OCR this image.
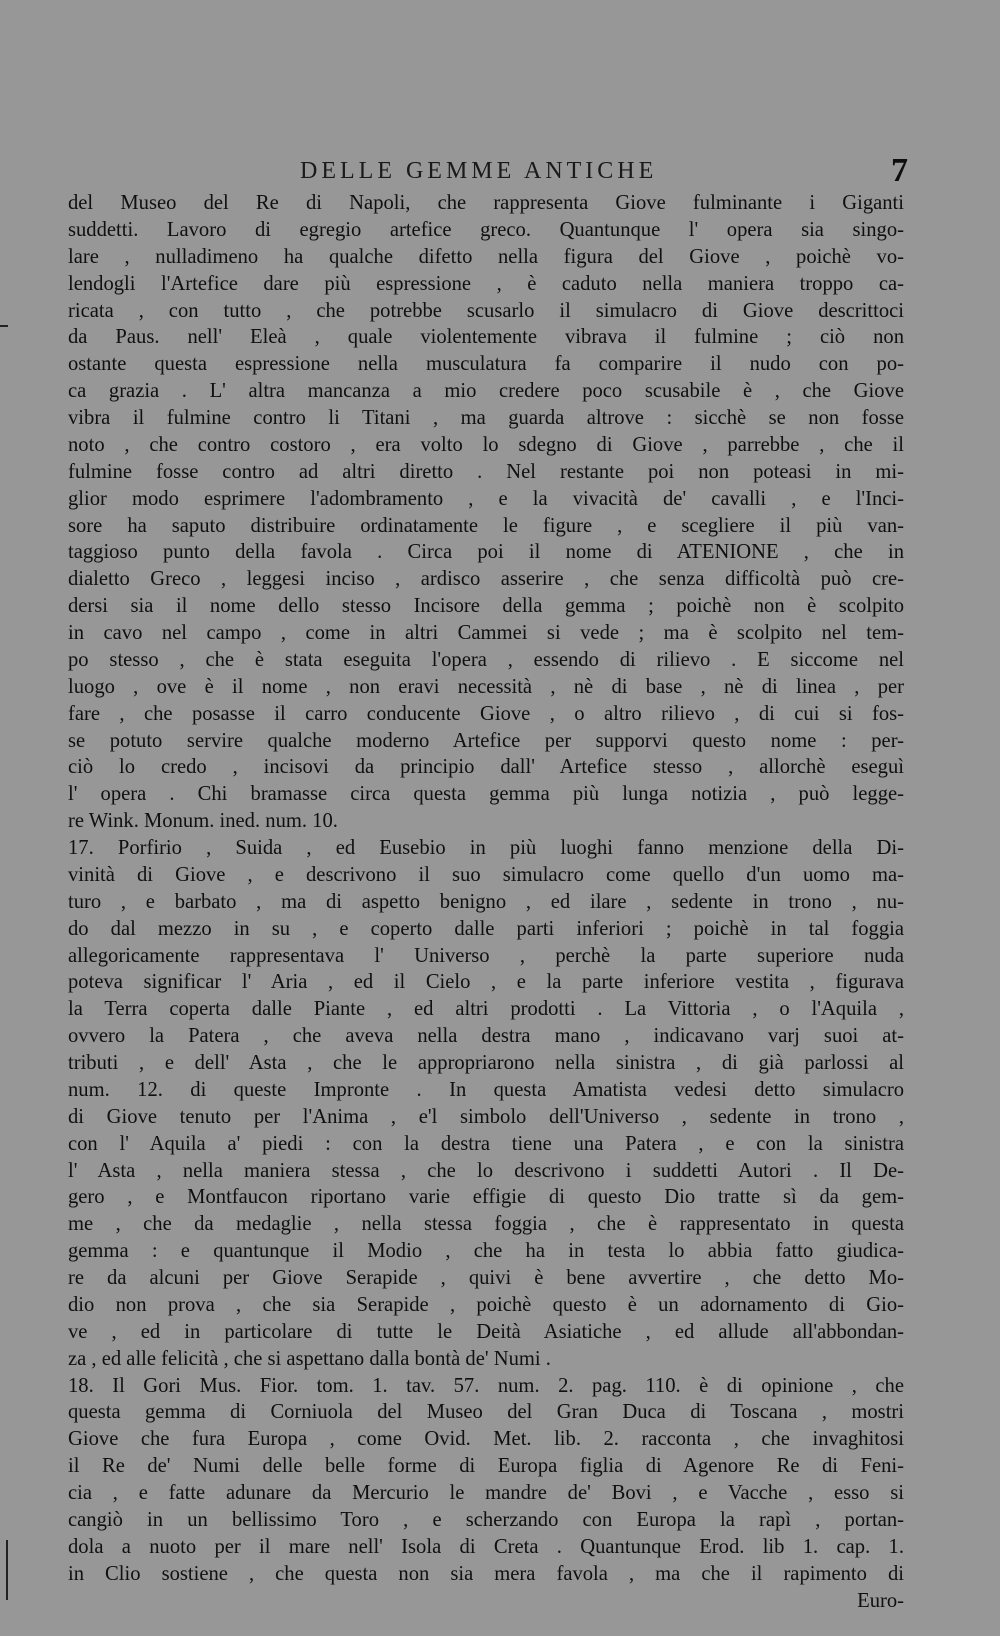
DELLE GEMME ANTICHE	7
del Museo del Re di Napoli, che rappresenta Giove fulminante i Giganti
suddetti. Lavoro di egregio artefice greco. Quantunque l' opera sia singo-
lare , nulladimeno ha qualche difetto nella figura del Giove , poichè vo-
lendogli l'Artefice dare più espressione , è caduto nella maniera troppo ca-
ricata , con tutto , che potrebbe scusarlo il simulacro di Giove descrittoci
da Paus. nell' Eleà , quale violentemente vibrava il fulmine ; ciò non
ostante questa espressione nella musculatura fa comparire il nudo con po-
ca grazia . L' altra mancanza a mio credere poco scusabile è , che Giove
vibra il fulmine contro li Titani , ma guarda altrove : sicchè se non fosse
noto , che contro costoro , era volto lo sdegno di Giove , parrebbe , che il
fulmine fosse contro ad altri diretto . Nel restante poi non poteasi in mi-
glior modo esprimere l'adombramento , e la vivacità de' cavalli , e l'Inci-
sore ha saputo distribuire ordinatamente le figure , e scegliere il più van-
taggioso punto della favola . Circa poi il nome di ATENIONE , che in
dialetto Greco , leggesi inciso , ardisco asserire , che senza difficoltà può cre-
dersi sia il nome dello stesso Incisore della gemma ; poichè non è scolpito
in cavo nel campo , come in altri Cammei si vede ; ma è scolpito nel tem-
po stesso , che è stata eseguita l'opera , essendo di rilievo . E siccome nel
luogo , ove è il nome , non eravi necessità , nè di base , nè di linea , per
fare , che posasse il carro conducente Giove , o altro rilievo , di cui si fos-
se potuto servire qualche moderno Artefice per supporvi questo nome : per-
ciò lo credo , incisovi da principio dall' Artefice stesso , allorchè eseguì
l' opera . Chi bramasse circa questa gemma più lunga notizia , può legge-
re Wink. Monum. ined. num. 10.
17. Porfirio , Suida , ed Eusebio in più luoghi fanno menzione della Di-
vinità di Giove , e descrivono il suo simulacro come quello d'un uomo ma-
turo , e barbato , ma di aspetto benigno , ed ilare , sedente in trono , nu-
do dal mezzo in su , e coperto dalle parti inferiori ; poichè in tal foggia
allegoricamente rappresentava l' Universo , perchè la parte superiore nuda
poteva significar l' Aria , ed il Cielo , e la parte inferiore vestita , figurava
la Terra coperta dalle Piante , ed altri prodotti . La Vittoria , o l'Aquila ,
ovvero la Patera , che aveva nella destra mano , indicavano varj suoi at-
tributi , e dell' Asta , che le appropriarono nella sinistra , di già parlossi al
num. 12. di queste Impronte . In questa Amatista vedesi detto simulacro
di Giove tenuto per l'Anima , e'l simbolo dell'Universo , sedente in trono ,
con l' Aquila a' piedi : con la destra tiene una Patera , e con la sinistra
l' Asta , nella maniera stessa , che lo descrivono i suddetti Autori . Il De-
gero , e Montfaucon riportano varie effigie di questo Dio tratte sì da gem-
me , che da medaglie , nella stessa foggia , che è rappresentato in questa
gemma : e quantunque il Modio , che ha in testa lo abbia fatto giudica-
re da alcuni per Giove Serapide , quivi è bene avvertire , che detto Mo-
dio non prova , che sia Serapide , poichè questo è un adornamento di Gio-
ve , ed in particolare di tutte le Deità Asiatiche , ed allude all'abbondan-
za , ed alle felicità , che si aspettano dalla bontà de' Numi .
18. Il Gori Mus. Fior. tom. 1. tav. 57. num. 2. pag. 110. è di opinione , che
questa gemma di Corniuola del Museo del Gran Duca di Toscana , mostri
Giove che fura Europa , come Ovid. Met. lib. 2. racconta , che invaghitosi
il Re de' Numi delle belle forme di Europa figlia di Agenore Re di Feni-
cia , e fatte adunare da Mercurio le mandre de' Bovi , e Vacche , esso si
cangiò in un bellissimo Toro , e scherzando con Europa la rapì , portan-
dola a nuoto per il mare nell' Isola di Creta . Quantunque Erod. lib 1. cap. 1.
in Clio sostiene , che questa non sia mera favola , ma che il rapimento di
Euro-
